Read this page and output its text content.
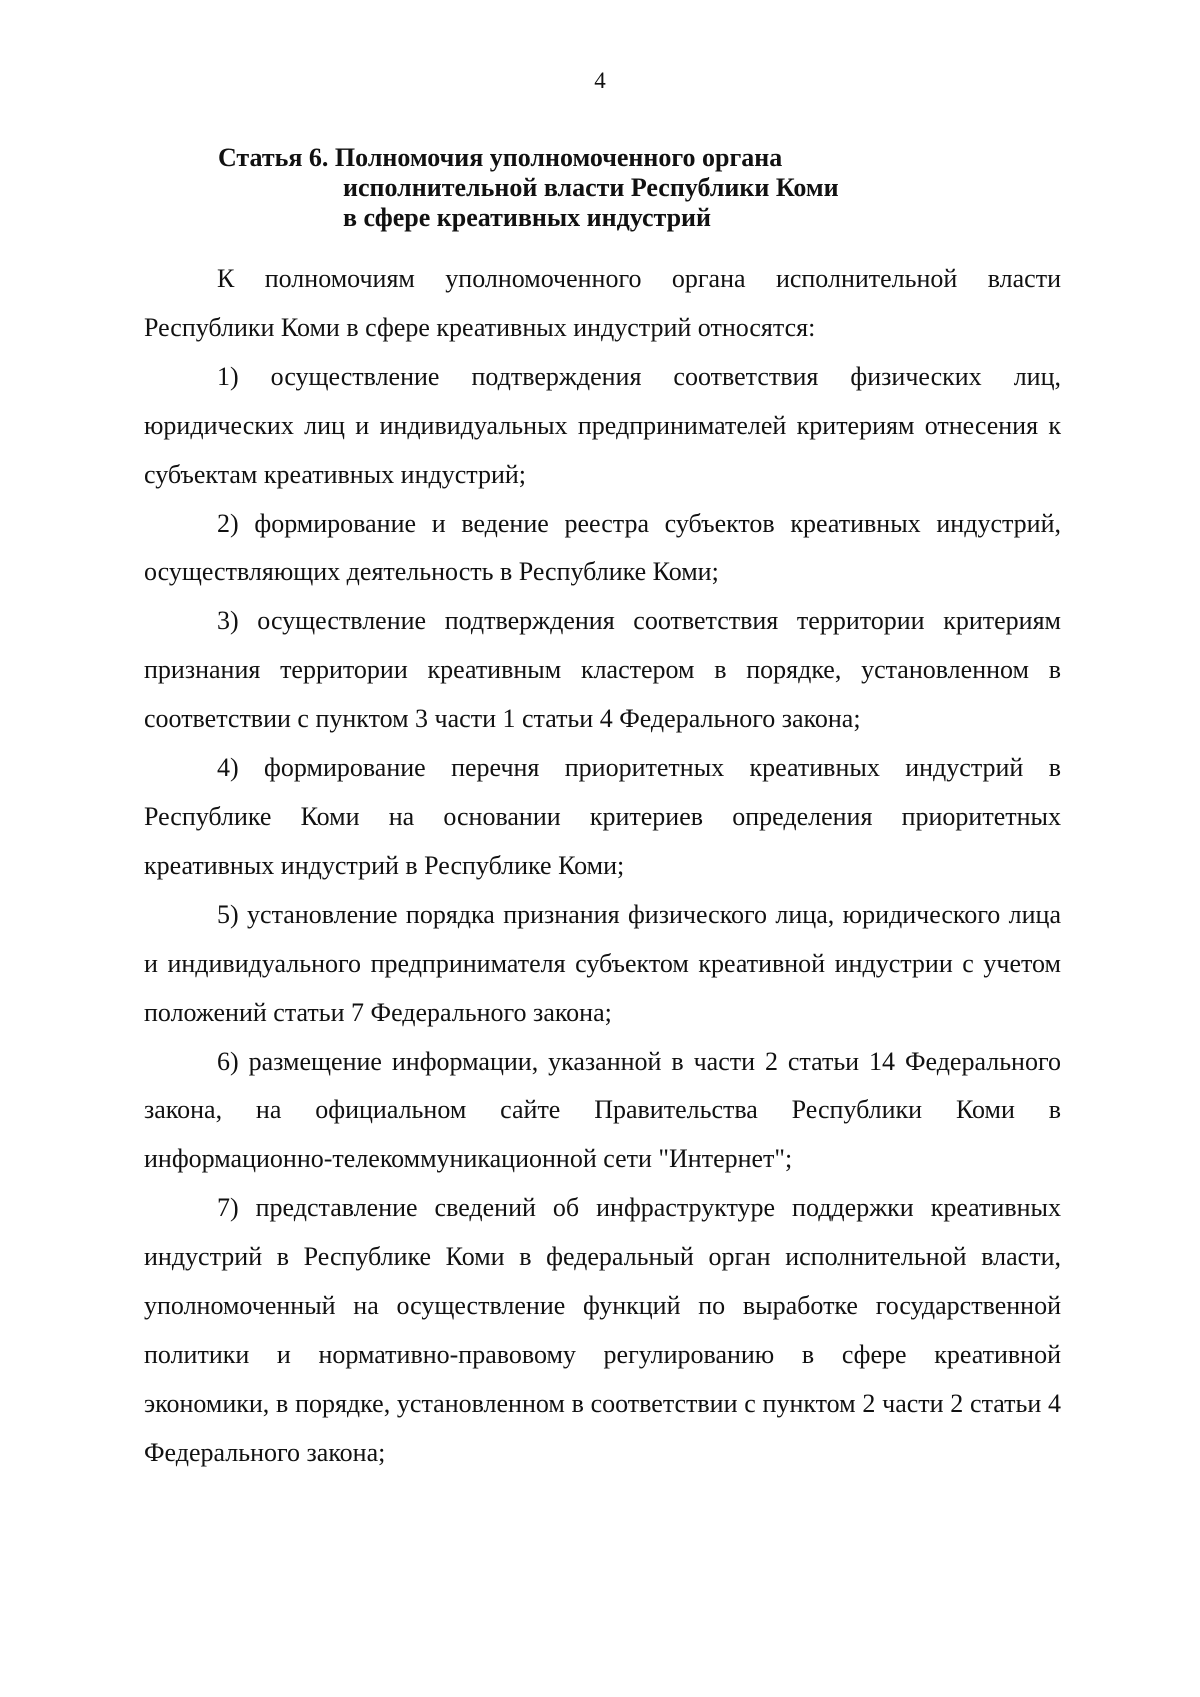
4
Статья 6. Полномочия уполномоченного органа
исполнительной власти Республики Коми
в сфере креативных индустрий

К полномочиям уполномоченного органа исполнительной власти Республики Коми в сфере креативных индустрий относятся:

1) осуществление подтверждения соответствия физических лиц, юридических лиц и индивидуальных предпринимателей критериям отнесения к субъектам креативных индустрий;

2) формирование и ведение реестра субъектов креативных индустрий, осуществляющих деятельность в Республике Коми;

3) осуществление подтверждения соответствия территории критериям признания территории креативным кластером в порядке, установленном в соответствии с пунктом 3 части 1 статьи 4 Федерального закона;

4) формирование перечня приоритетных креативных индустрий в Республике Коми на основании критериев определения приоритетных креативных индустрий в Республике Коми;

5) установление порядка признания физического лица, юридического лица и индивидуального предпринимателя субъектом креативной индустрии с учетом положений статьи 7 Федерального закона;

6) размещение информации, указанной в части 2 статьи 14 Федерального закона, на официальном сайте Правительства Республики Коми в информационно-телекоммуникационной сети "Интернет";

7) представление сведений об инфраструктуре поддержки креативных индустрий в Республике Коми в федеральный орган исполнительной власти, уполномоченный на осуществление функций по выработке государственной политики и нормативно-правовому регулированию в сфере креативной экономики, в порядке, установленном в соответствии с пунктом 2 части 2 статьи 4 Федерального закона;
